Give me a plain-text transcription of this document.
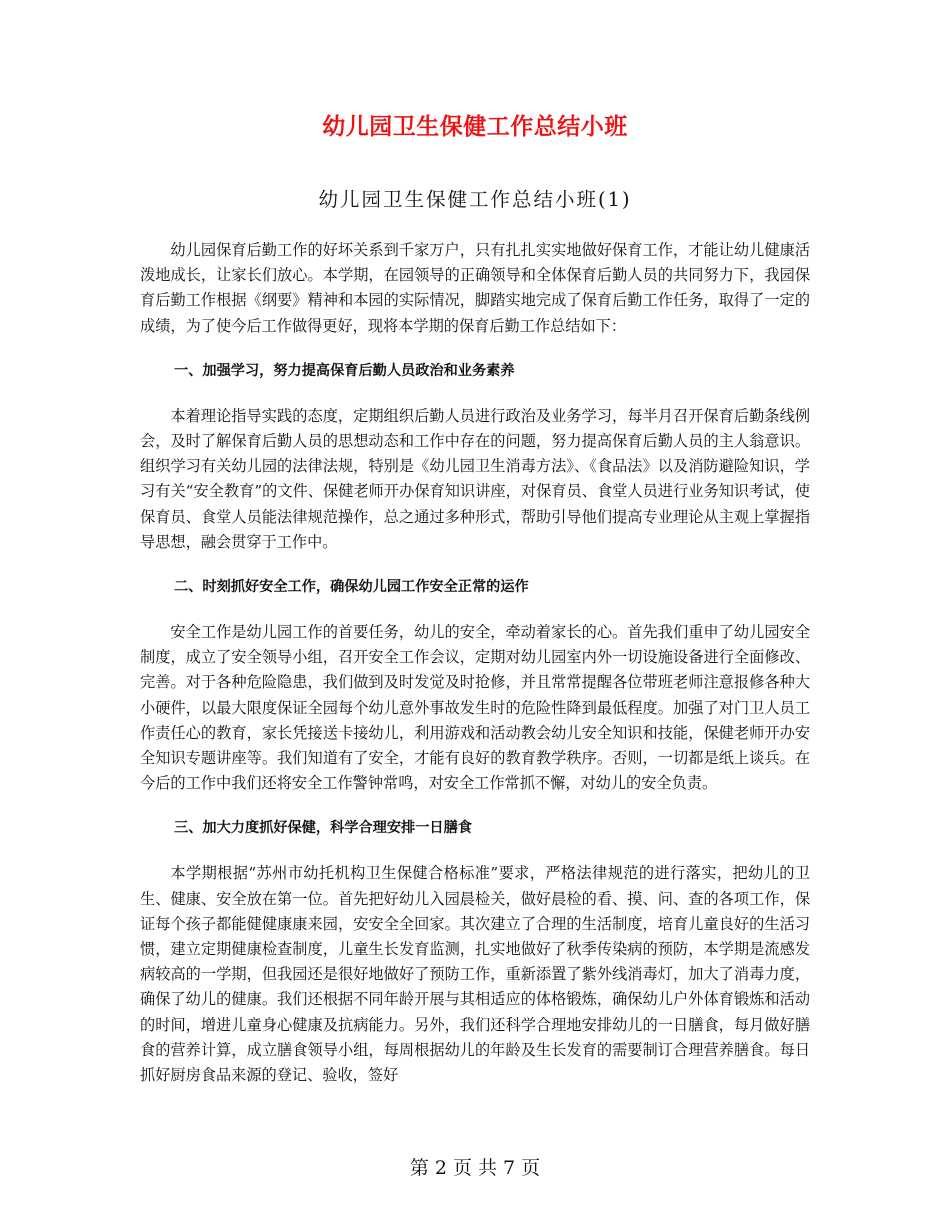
幼儿园卫生保健工作总结小班
幼儿园卫生保健工作总结小班(1)

幼儿园保育后勤工作的好坏关系到千家万户，只有扎扎实实地做好保育工作，才能让幼儿健康活泼地成长，让家长们放心。本学期，在园领导的正确领导和全体保育后勤人员的共同努力下，我园保育后勤工作根据《纲要》精神和本园的实际情况，脚踏实地完成了保育后勤工作任务，取得了一定的成绩，为了使今后工作做得更好，现将本学期的保育后勤工作总结如下：

一、加强学习，努力提高保育后勤人员政治和业务素养

本着理论指导实践的态度，定期组织后勤人员进行政治及业务学习，每半月召开保育后勤条线例会，及时了解保育后勤人员的思想动态和工作中存在的问题，努力提高保育后勤人员的主人翁意识。组织学习有关幼儿园的法律法规，特别是《幼儿园卫生消毒方法》、《食品法》以及消防避险知识，学习有关“安全教育”的文件、保健老师开办保育知识讲座，对保育员、食堂人员进行业务知识考试，使保育员、食堂人员能法律规范操作，总之通过多种形式，帮助引导他们提高专业理论从主观上掌握指导思想，融会贯穿于工作中。

二、时刻抓好安全工作，确保幼儿园工作安全正常的运作

安全工作是幼儿园工作的首要任务，幼儿的安全，牵动着家长的心。首先我们重申了幼儿园安全制度，成立了安全领导小组，召开安全工作会议，定期对幼儿园室内外一切设施设备进行全面修改、完善。对于各种危险隐患，我们做到及时发觉及时抢修，并且常常提醒各位带班老师注意报修各种大小硬件，以最大限度保证全园每个幼儿意外事故发生时的危险性降到最低程度。加强了对门卫人员工作责任心的教育，家长凭接送卡接幼儿，利用游戏和活动教会幼儿安全知识和技能，保健老师开办安全知识专题讲座等。我们知道有了安全，才能有良好的教育教学秩序。否则，一切都是纸上谈兵。在今后的工作中我们还将安全工作警钟常鸣，对安全工作常抓不懈，对幼儿的安全负责。

三、加大力度抓好保健，科学合理安排一日膳食

本学期根据“苏州市幼托机构卫生保健合格标准”要求，严格法律规范的进行落实，把幼儿的卫生、健康、安全放在第一位。首先把好幼儿入园晨检关，做好晨检的看、摸、问、查的各项工作，保证每个孩子都能健健康康来园，安安全全回家。其次建立了合理的生活制度，培育儿童良好的生活习惯，建立定期健康检查制度，儿童生长发育监测，扎实地做好了秋季传染病的预防，本学期是流感发病较高的一学期，但我园还是很好地做好了预防工作，重新添置了紫外线消毒灯，加大了消毒力度，确保了幼儿的健康。我们还根据不同年龄开展与其相适应的体格锻炼，确保幼儿户外体育锻炼和活动的时间，增进儿童身心健康及抗病能力。另外，我们还科学合理地安排幼儿的一日膳食，每月做好膳食的营养计算，成立膳食领导小组，每周根据幼儿的年龄及生长发育的需要制订合理营养膳食。每日抓好厨房食品来源的登记、验收，签好

第 2 页 共 7 页
